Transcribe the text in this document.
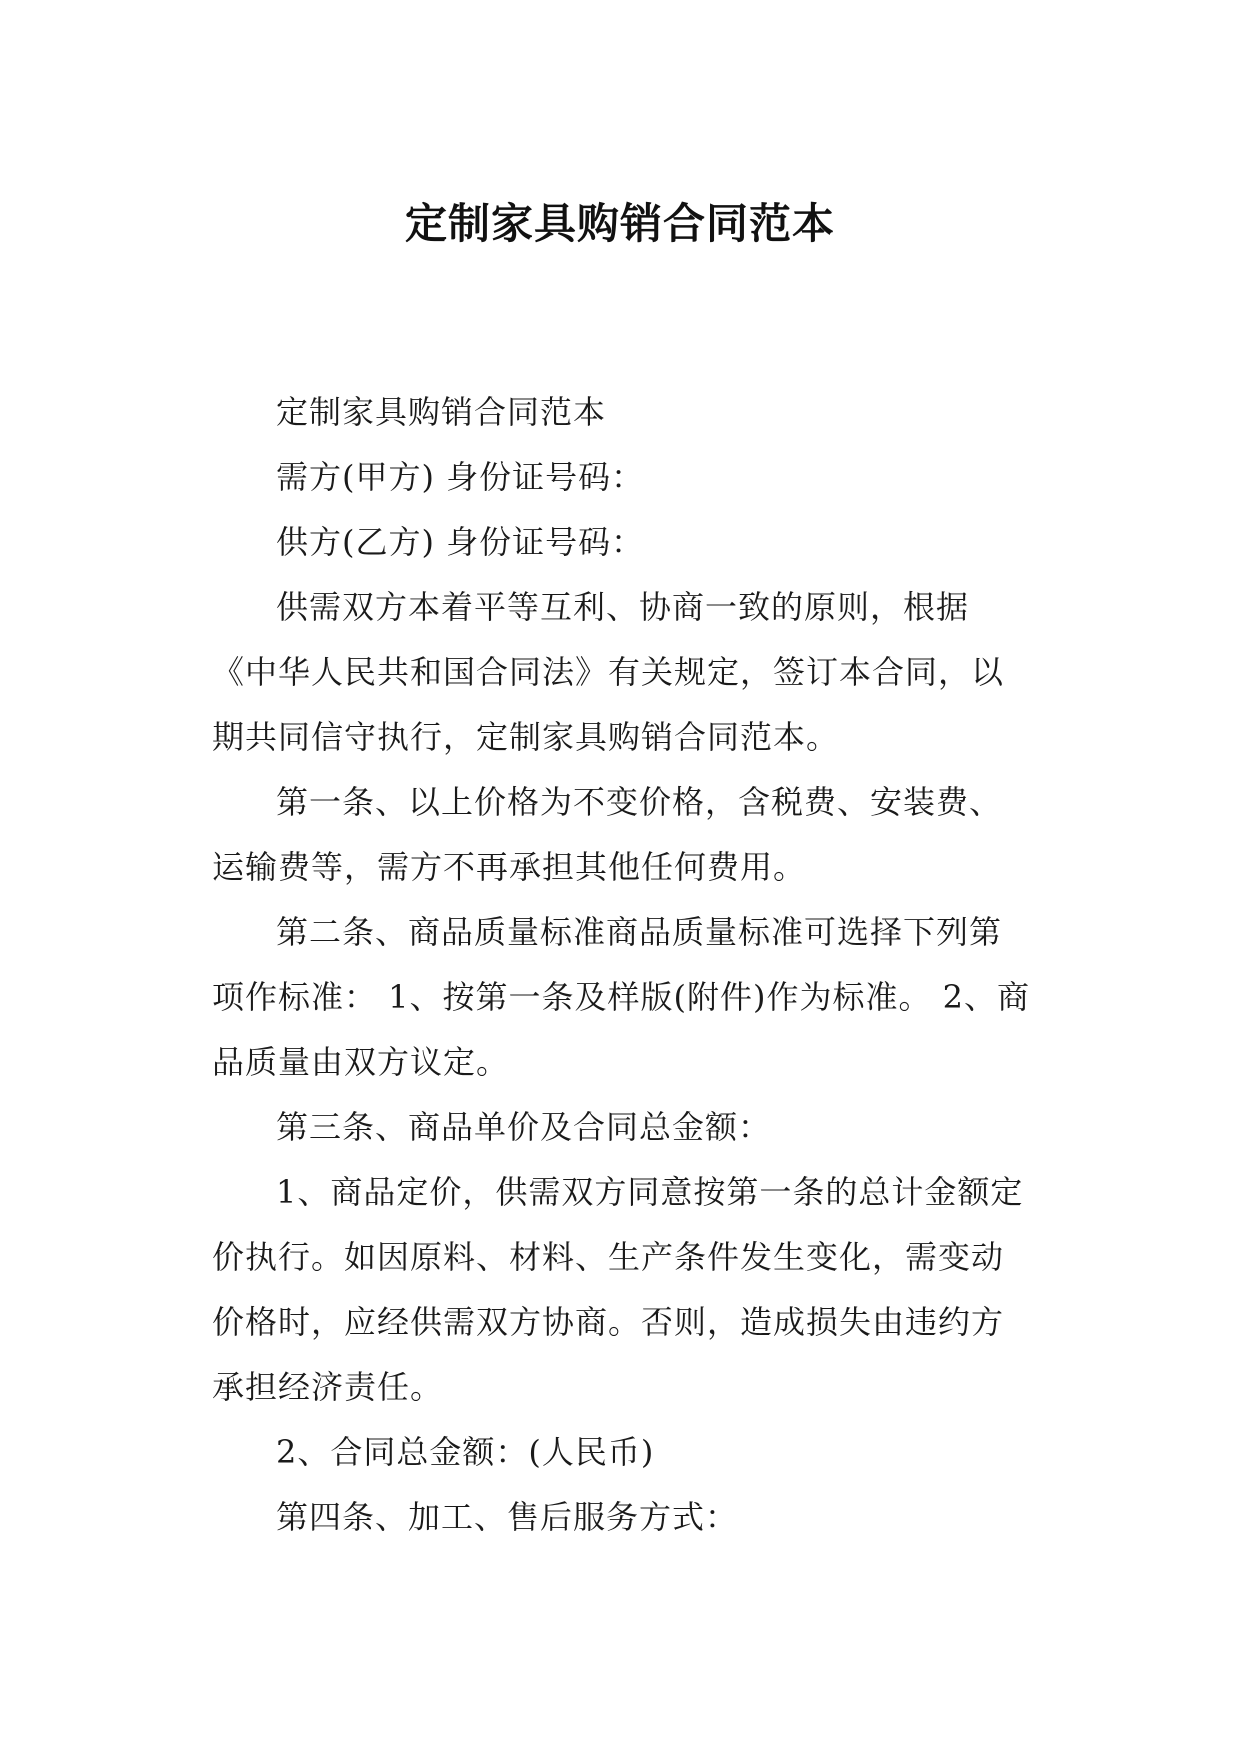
定制家具购销合同范本

定制家具购销合同范本

需方(甲方) 身份证号码：

供方(乙方) 身份证号码：

供需双方本着平等互利、协商一致的原则，根据《中华人民共和国合同法》有关规定，签订本合同，以期共同信守执行，定制家具购销合同范本。

第一条、以上价格为不变价格，含税费、安装费、运输费等，需方不再承担其他任何费用。

第二条、商品质量标准商品质量标准可选择下列第项作标准： 1、按第一条及样版(附件)作为标准。 2、商品质量由双方议定。

第三条、商品单价及合同总金额：

1、商品定价，供需双方同意按第一条的总计金额定价执行。如因原料、材料、生产条件发生变化，需变动价格时，应经供需双方协商。否则，造成损失由违约方承担经济责任。

2、合同总金额：(人民币)

第四条、加工、售后服务方式：
